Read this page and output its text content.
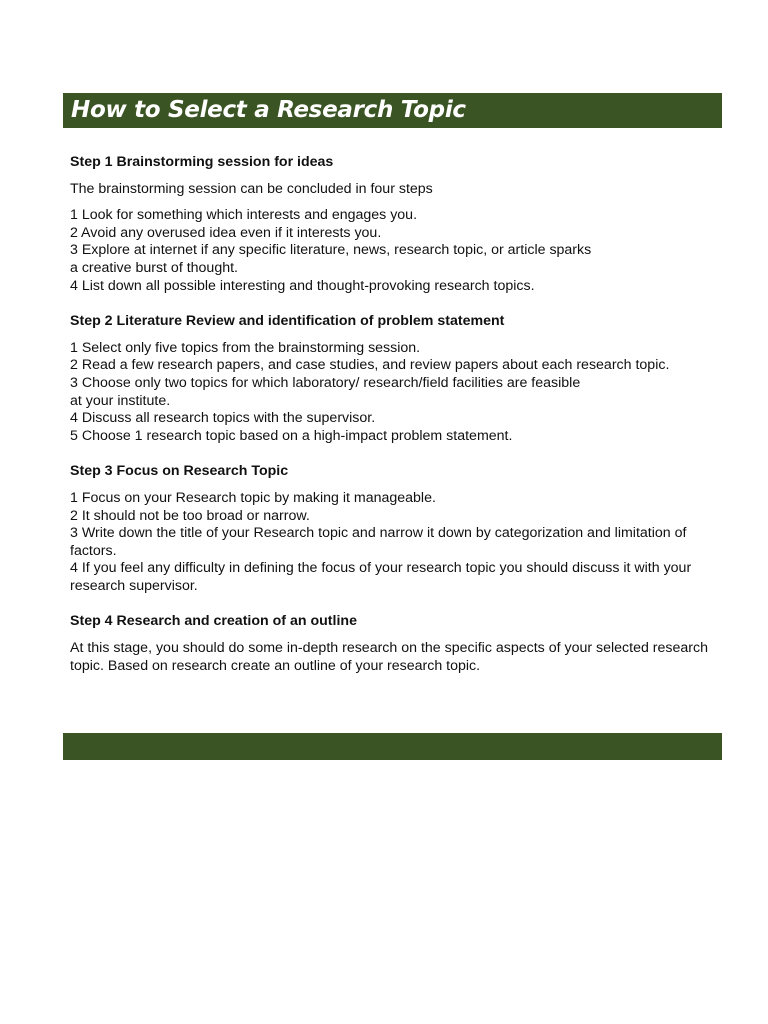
How to Select a Research Topic
Step 1 Brainstorming session for ideas
The brainstorming session can be concluded in four steps
1 Look for something which interests and engages you.
2 Avoid any overused idea even if it interests you.
3 Explore at internet if any specific literature, news, research topic, or article sparks
a creative burst of thought.
4 List down all possible interesting and thought-provoking research topics.
Step 2 Literature Review and identification of problem statement
1 Select only five topics from the brainstorming session.
2 Read a few research papers, and case studies, and review papers about each research topic.
3 Choose only two topics for which laboratory/ research/field facilities are feasible
at your institute.
4 Discuss all research topics with the supervisor.
5 Choose 1 research topic based on a high-impact problem statement.
Step 3 Focus on Research Topic
1 Focus on your Research topic by making it manageable.
2 It should not be too broad or narrow.
3 Write down the title of your Research topic and narrow it down by categorization and limitation of factors.
4 If you feel any difficulty in defining the focus of your research topic you should discuss it with your
research supervisor.
Step 4 Research and creation of an outline
At this stage, you should do some in-depth research on the specific aspects of your selected research topic. Based on research create an outline of your research topic.
